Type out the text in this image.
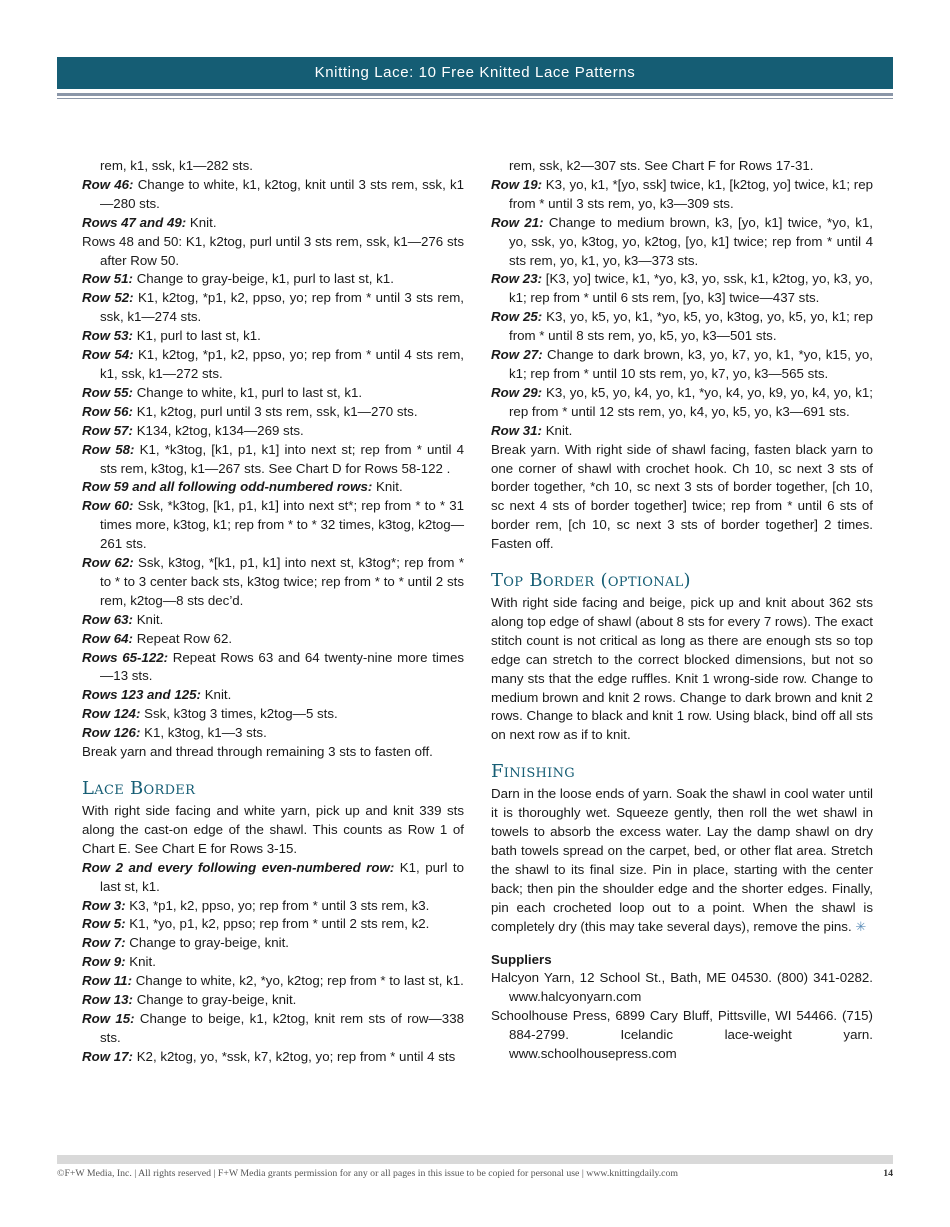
Knitting Lace: 10 Free Knitted Lace Patterns

rem, k1, ssk, k1—282 sts.

Row 46: Change to white, k1, k2tog, knit until 3 sts rem, ssk, k1—280 sts.

Rows 47 and 49: Knit.

Rows 48 and 50: K1, k2tog, purl until 3 sts rem, ssk, k1—276 sts after Row 50.

Row 51: Change to gray-beige, k1, purl to last st, k1.

Row 52: K1, k2tog, *p1, k2, ppso, yo; rep from * until 3 sts rem, ssk, k1—274 sts.

Row 53: K1, purl to last st, k1.

Row 54: K1, k2tog, *p1, k2, ppso, yo; rep from * until 4 sts rem, k1, ssk, k1—272 sts.

Row 55: Change to white, k1, purl to last st, k1.

Row 56: K1, k2tog, purl until 3 sts rem, ssk, k1—270 sts.

Row 57: K134, k2tog, k134—269 sts.

Row 58: K1, *k3tog, [k1, p1, k1] into next st; rep from * until 4 sts rem, k3tog, k1—267 sts. See Chart D for Rows 58-122 .

Row 59 and all following odd-numbered rows: Knit.

Row 60: Ssk, *k3tog, [k1, p1, k1] into next st*; rep from * to * 31 times more, k3tog, k1; rep from * to * 32 times, k3tog, k2tog—261 sts.

Row 62: Ssk, k3tog, *[k1, p1, k1] into next st, k3tog*; rep from * to * to 3 center back sts, k3tog twice; rep from * to * until 2 sts rem, k2tog—8 sts dec’d.

Row 63: Knit.

Row 64: Repeat Row 62.

Rows 65-122: Repeat Rows 63 and 64 twenty-nine more times—13 sts.

Rows 123 and 125: Knit.

Row 124: Ssk, k3tog 3 times, k2tog—5 sts.

Row 126: K1, k3tog, k1—3 sts.

Break yarn and thread through remaining 3 sts to fasten off.

Lace Border

With right side facing and white yarn, pick up and knit 339 sts along the cast-on edge of the shawl. This counts as Row 1 of Chart E. See Chart E for Rows 3-15.

Row 2 and every following even-numbered row: K1, purl to last st, k1.

Row 3: K3, *p1, k2, ppso, yo; rep from * until 3 sts rem, k3.

Row 5: K1, *yo, p1, k2, ppso; rep from * until 2 sts rem, k2.

Row 7: Change to gray-beige, knit.

Row 9: Knit.

Row 11: Change to white, k2, *yo, k2tog; rep from * to last st, k1.

Row 13: Change to gray-beige, knit.

Row 15: Change to beige, k1, k2tog, knit rem sts of row—338 sts.

Row 17: K2, k2tog, yo, *ssk, k7, k2tog, yo; rep from * until 4 sts

rem, ssk, k2—307 sts. See Chart F for Rows 17-31.

Row 19: K3, yo, k1, *[yo, ssk] twice, k1, [k2tog, yo] twice, k1; rep from * until 3 sts rem, yo, k3—309 sts.

Row 21: Change to medium brown, k3, [yo, k1] twice, *yo, k1, yo, ssk, yo, k3tog, yo, k2tog, [yo, k1] twice; rep from * until 4 sts rem, yo, k1, yo, k3—373 sts.

Row 23: [K3, yo] twice, k1, *yo, k3, yo, ssk, k1, k2tog, yo, k3, yo, k1; rep from * until 6 sts rem, [yo, k3] twice—437 sts.

Row 25: K3, yo, k5, yo, k1, *yo, k5, yo, k3tog, yo, k5, yo, k1; rep from * until 8 sts rem, yo, k5, yo, k3—501 sts.

Row 27: Change to dark brown, k3, yo, k7, yo, k1, *yo, k15, yo, k1; rep from * until 10 sts rem, yo, k7, yo, k3—565 sts.

Row 29: K3, yo, k5, yo, k4, yo, k1, *yo, k4, yo, k9, yo, k4, yo, k1; rep from * until 12 sts rem, yo, k4, yo, k5, yo, k3—691 sts.

Row 31: Knit.

Break yarn. With right side of shawl facing, fasten black yarn to one corner of shawl with crochet hook. Ch 10, sc next 3 sts of border together, *ch 10, sc next 3 sts of border together, [ch 10, sc next 4 sts of border together] twice; rep from * until 6 sts of border rem, [ch 10, sc next 3 sts of border together] 2 times. Fasten off.

Top Border (optional)

With right side facing and beige, pick up and knit about 362 sts along top edge of shawl (about 8 sts for every 7 rows). The exact stitch count is not critical as long as there are enough sts so top edge can stretch to the correct blocked dimensions, but not so many sts that the edge ruffles. Knit 1 wrong-side row. Change to medium brown and knit 2 rows. Change to dark brown and knit 2 rows. Change to black and knit 1 row. Using black, bind off all sts on next row as if to knit.

Finishing

Darn in the loose ends of yarn. Soak the shawl in cool water until it is thoroughly wet. Squeeze gently, then roll the wet shawl in towels to absorb the excess water. Lay the damp shawl on dry bath towels spread on the carpet, bed, or other flat area. Stretch the shawl to its final size. Pin in place, starting with the center back; then pin the shoulder edge and the shorter edges. Finally, pin each crocheted loop out to a point. When the shawl is completely dry (this may take several days), remove the pins. ✳

Suppliers

Halcyon Yarn, 12 School St., Bath, ME 04530. (800) 341-0282. www.halcyonyarn.com

Schoolhouse Press, 6899 Cary Bluff, Pittsville, WI 54466. (715) 884-2799. Icelandic lace-weight yarn. www.schoolhousepress.com

©F+W Media, Inc. | All rights reserved | F+W Media grants permission for any or all pages in this issue to be copied for personal use | www.knittingdaily.com	14
